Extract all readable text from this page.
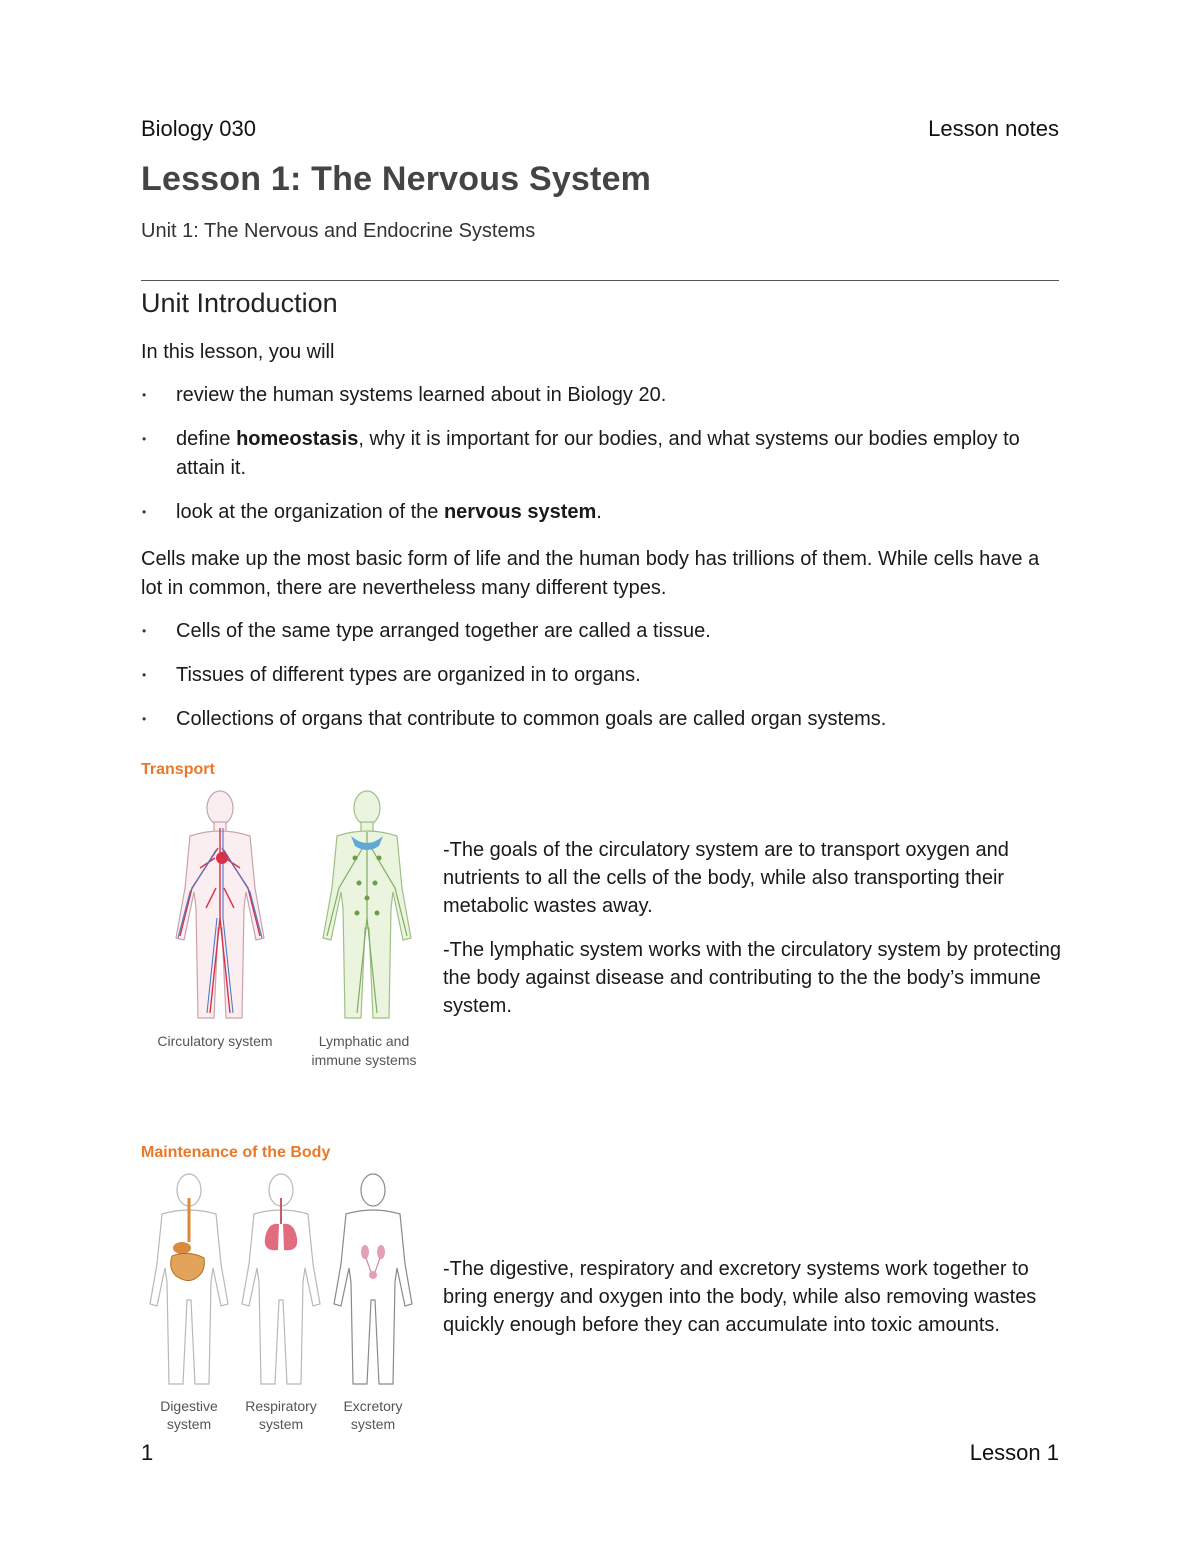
Biology 030	Lesson notes
Lesson 1: The Nervous System
Unit 1: The Nervous and Endocrine Systems
Unit Introduction
In this lesson, you will
• review the human systems learned about in Biology 20.
• define homeostasis, why it is important for our bodies, and what systems our bodies employ to attain it.
• look at the organization of the nervous system.
Cells make up the most basic form of life and the human body has trillions of them. While cells have a lot in common, there are nevertheless many different types.
• Cells of the same type arranged together are called a tissue.
• Tissues of different types are organized in to organs.
• Collections of organs that contribute to common goals are called organ systems.
Transport
Circulatory system	Lymphatic and
immune systems

-The goals of the circulatory system are to transport oxygen and nutrients to all the cells of the body, while also transporting their metabolic wastes away.

-The lymphatic system works with the circulatory system by protecting the body against disease and contributing to the the body’s immune system.

Maintenance of the Body
Digestive
system
Respiratory
system
Excretory
system

-The digestive, respiratory and excretory systems work together to bring energy and oxygen into the body, while also removing wastes quickly enough before they can accumulate into toxic amounts.

1	Lesson 1
